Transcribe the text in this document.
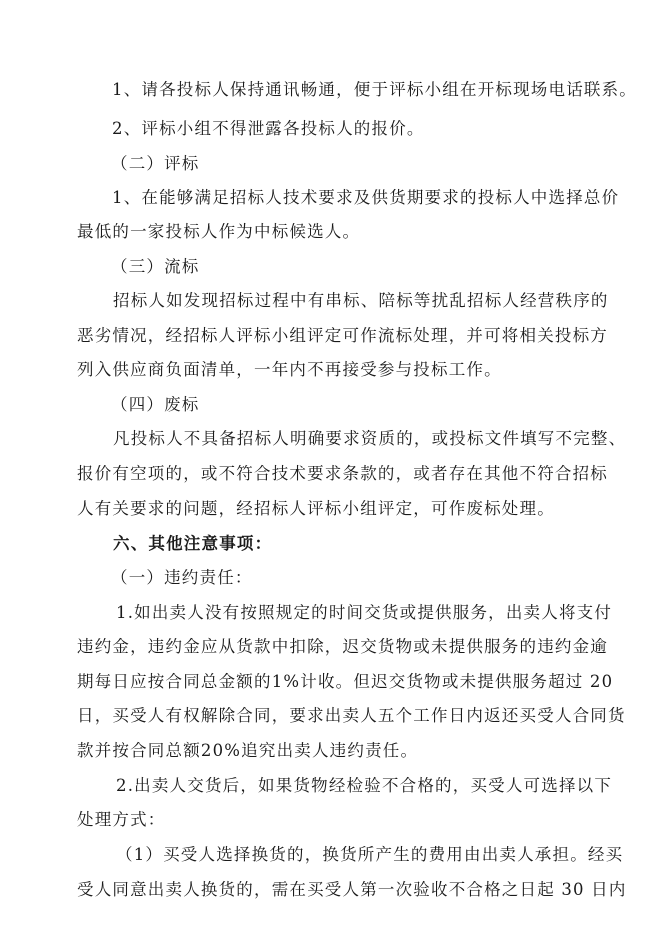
1、请各投标人保持通讯畅通，便于评标小组在开标现场电话联系。
2、评标小组不得泄露各投标人的报价。
（二）评标
1、在能够满足招标人技术要求及供货期要求的投标人中选择总价
最低的一家投标人作为中标候选人。
（三）流标
招标人如发现招标过程中有串标、陪标等扰乱招标人经营秩序的
恶劣情况，经招标人评标小组评定可作流标处理，并可将相关投标方
列入供应商负面清单，一年内不再接受参与投标工作。
（四）废标
凡投标人不具备招标人明确要求资质的，或投标文件填写不完整、
报价有空项的，或不符合技术要求条款的，或者存在其他不符合招标
人有关要求的问题，经招标人评标小组评定，可作废标处理。
六、其他注意事项：
（一）违约责任：
1.如出卖人没有按照规定的时间交货或提供服务，出卖人将支付
违约金，违约金应从货款中扣除，迟交货物或未提供服务的违约金逾
期每日应按合同总金额的1%计收。但迟交货物或未提供服务超过 20
日，买受人有权解除合同，要求出卖人五个工作日内返还买受人合同货
款并按合同总额20%追究出卖人违约责任。
2.出卖人交货后，如果货物经检验不合格的，买受人可选择以下
处理方式：
（1）买受人选择换货的，换货所产生的费用由出卖人承担。经买
受人同意出卖人换货的，需在买受人第一次验收不合格之日起 30 日内
